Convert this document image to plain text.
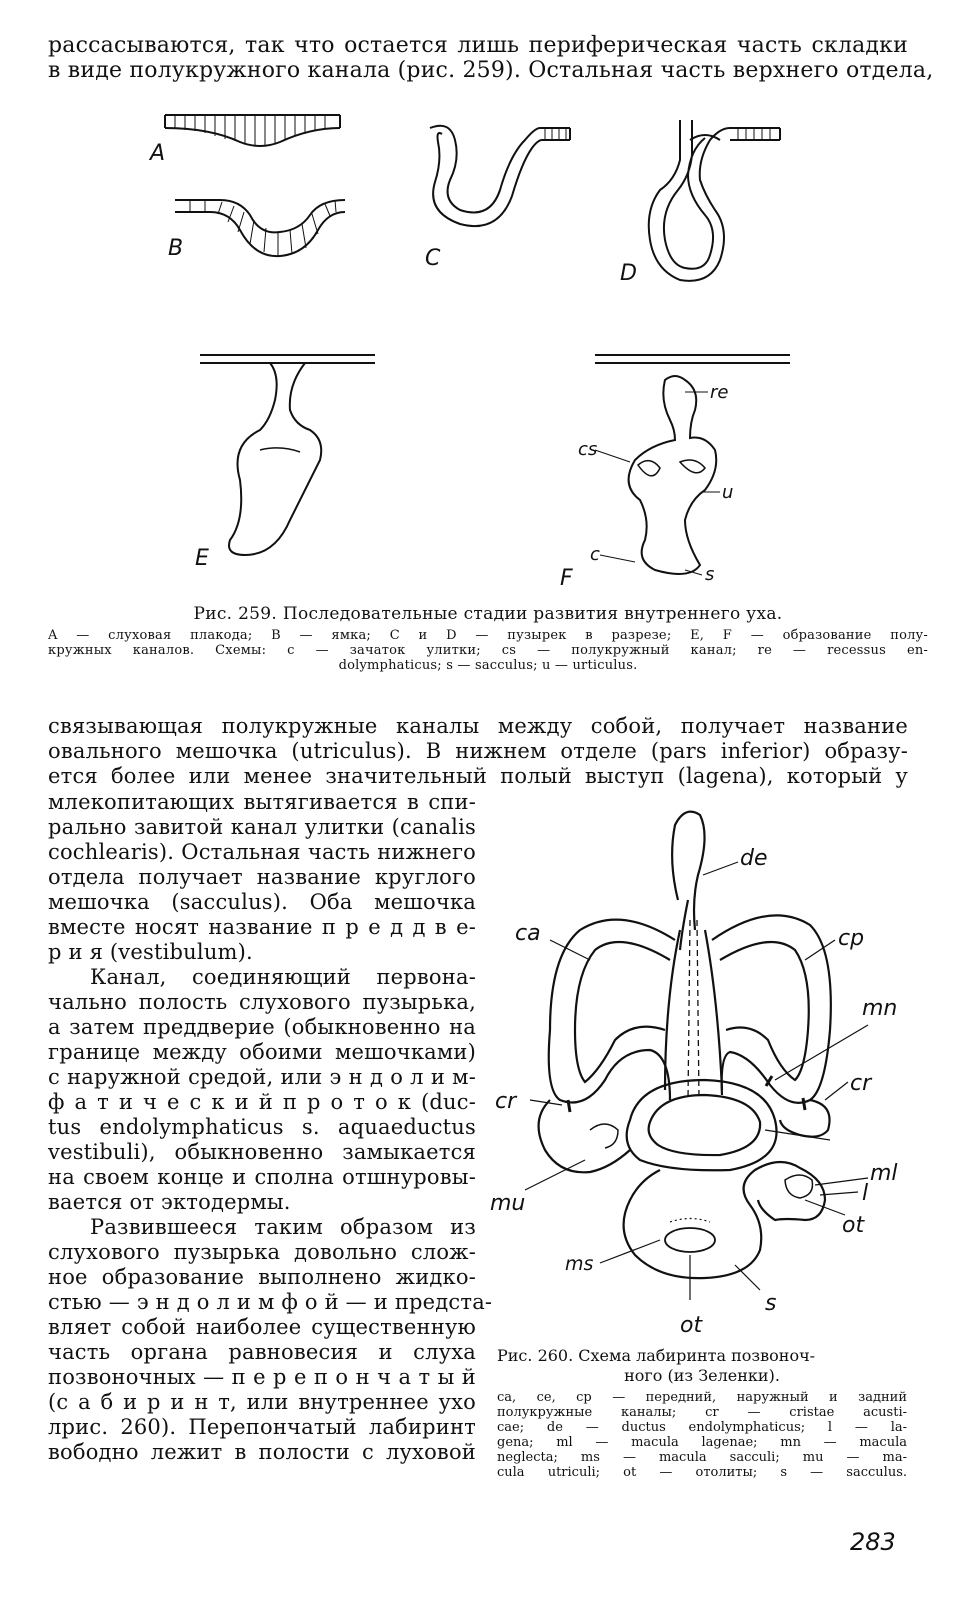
рассасываются, так что остается лишь периферическая часть складки
в виде полукружного канала (рис. 259). Остальная часть верхнего отдела,
A
B	C
D
E
F
re
cs
u
c
s
Рис. 259. Последовательные стадии развития внутреннего уха.
A — слуховая плакода; B — ямка; C и D — пузырек в разрезе; E, F — образование полу-
кружных каналов. Схемы: c — зачаток улитки; cs — полукружный канал; re — recessus en-
dolymphaticus; s — sacculus; u — urticulus.
связывающая полукружные каналы между собой, получает название
овального мешочка (utriculus). В нижнем отделе (pars inferior) образу-
ется более или менее значительный полый выступ (lagena), который у
млекопитающих вытягивается в спи-
рально завитой канал улитки (canalis
cochlearis). Остальная часть нижнего
отдела получает название круглого
мешочка (sacculus). Оба мешочка
вместе носят название п р е д д в е-
р и я (vestibulum).
Канал, соединяющий первона-
чально полость слухового пузырька,
а затем преддверие (обыкновенно на
границе между обоими мешочками)
с наружной средой, или э н д о л и м-
ф а т и ч е с к и й п р о т о к (duc-
tus endolymphaticus s. aquaeductus
vestibuli), обыкновенно замыкается
на своем конце и сполна отшнуровы-
вается от эктодермы.
Развившееся таким образом из
слухового пузырька довольно слож-
ное образование выполнено жидко-
стью — э н д о л и м ф о й — и предста-
вляет собой наиболее существенную
часть органа равновесия и слуха
позвоночных — п е р е п о н ч а т ы й
(с а б и р и н т, или внутреннее ухо
лрис. 260). Перепончатый лабиринт
вободно лежит в полости с луховой
de
ca	cp
mn
cr
cr
ml
l
mu
ot
ms
s
ot
Рис. 260. Схема лабиринта позвоноч-
ного (из Зеленки).
ca, ce, cp — передний, наружный и задний
полукружные каналы; cr — cristae acusti-
cae; de — ductus endolymphaticus; l — la-
gena; ml — macula lagenae; mn — macula
neglecta; ms — macula sacculi; mu — ma-
cula utriculi; ot — отолиты; s — sacculus.
283
